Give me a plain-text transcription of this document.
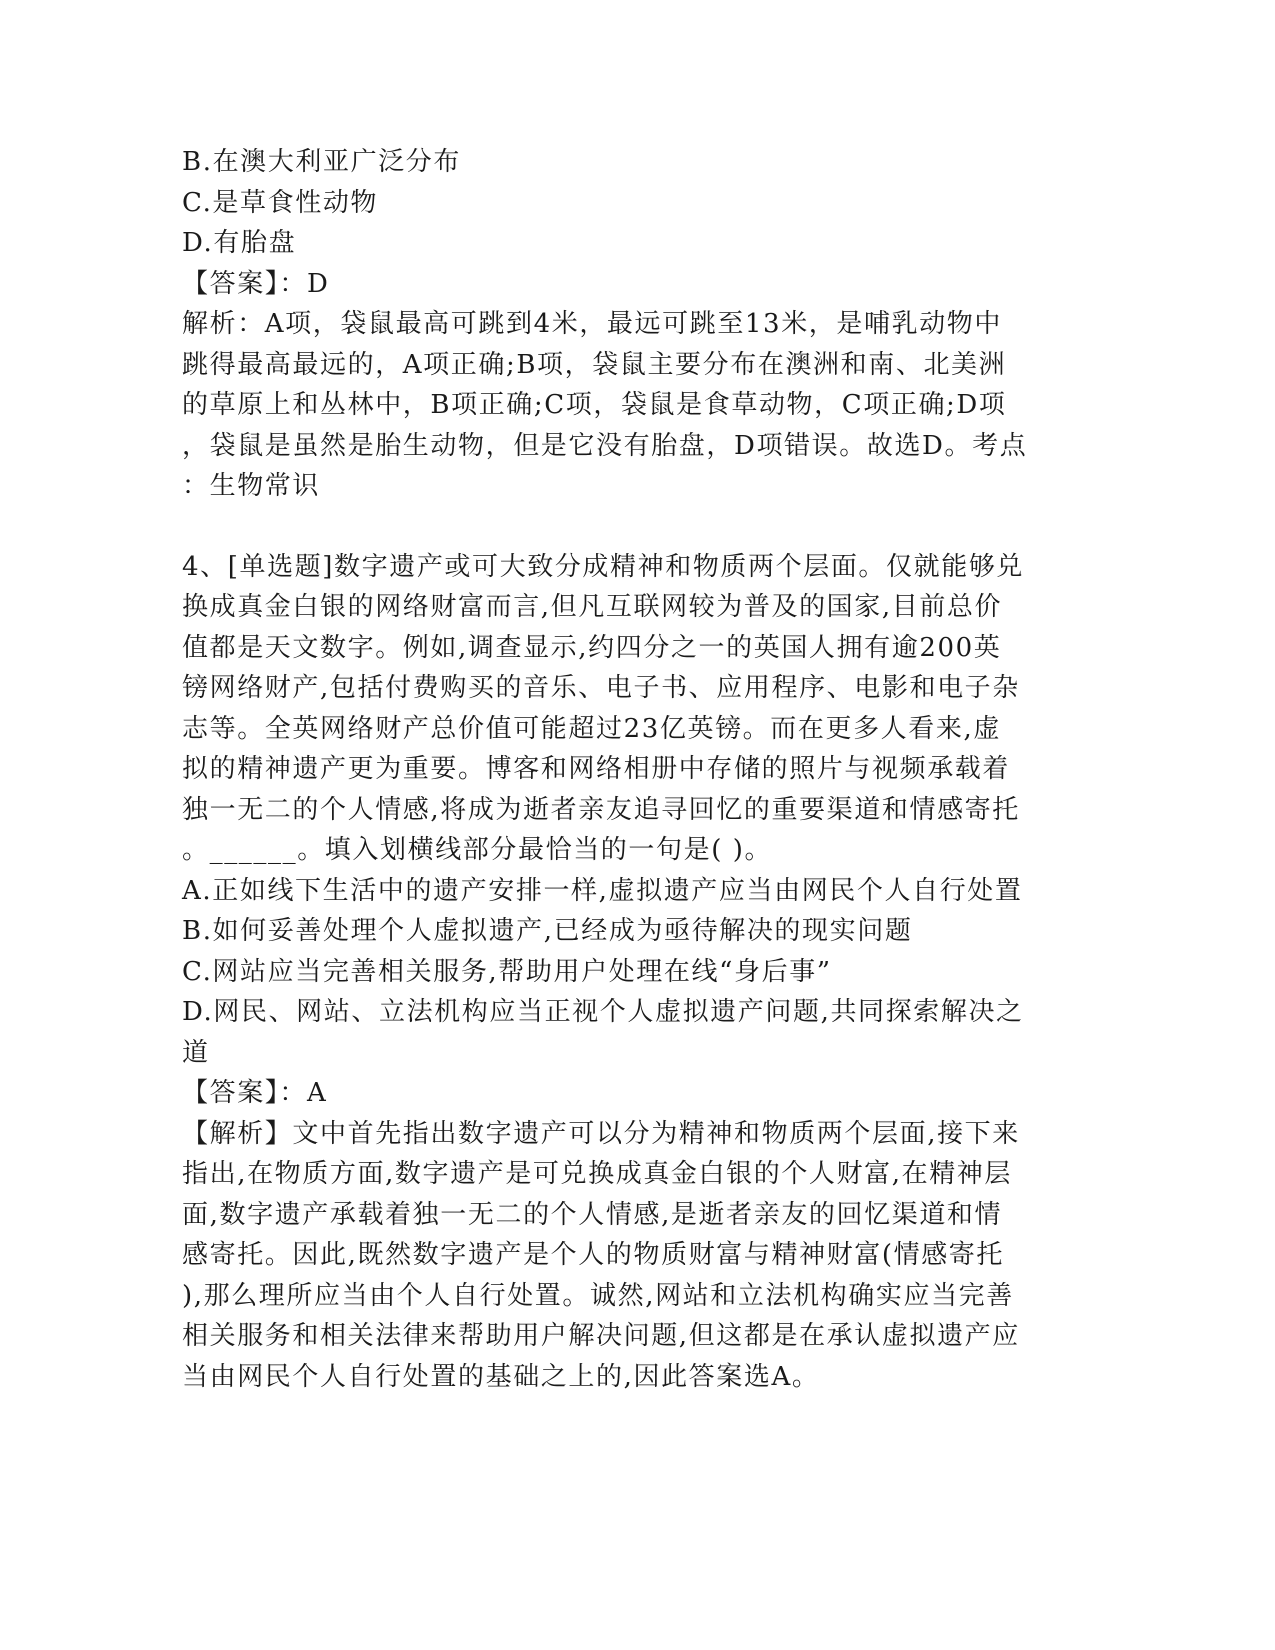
B.在澳大利亚广泛分布
C.是草食性动物
D.有胎盘
【答案】：D
解析：A项，袋鼠最高可跳到4米，最远可跳至13米，是哺乳动物中
跳得最高最远的，A项正确;B项，袋鼠主要分布在澳洲和南、北美洲
的草原上和丛林中，B项正确;C项，袋鼠是食草动物，C项正确;D项
，袋鼠是虽然是胎生动物，但是它没有胎盘，D项错误。故选D。考点
：生物常识
4、[单选题]数字遗产或可大致分成精神和物质两个层面。仅就能够兑
换成真金白银的网络财富而言,但凡互联网较为普及的国家,目前总价
值都是天文数字。例如,调查显示,约四分之一的英国人拥有逾200英
镑网络财产,包括付费购买的音乐、电子书、应用程序、电影和电子杂
志等。全英网络财产总价值可能超过23亿英镑。而在更多人看来,虚
拟的精神遗产更为重要。博客和网络相册中存储的照片与视频承载着
独一无二的个人情感,将成为逝者亲友追寻回忆的重要渠道和情感寄托
。______。填入划横线部分最恰当的一句是( )。
A.正如线下生活中的遗产安排一样,虚拟遗产应当由网民个人自行处置
B.如何妥善处理个人虚拟遗产,已经成为亟待解决的现实问题
C.网站应当完善相关服务,帮助用户处理在线“身后事”
D.网民、网站、立法机构应当正视个人虚拟遗产问题,共同探索解决之
道
【答案】：A
【解析】文中首先指出数字遗产可以分为精神和物质两个层面,接下来
指出,在物质方面,数字遗产是可兑换成真金白银的个人财富,在精神层
面,数字遗产承载着独一无二的个人情感,是逝者亲友的回忆渠道和情
感寄托。因此,既然数字遗产是个人的物质财富与精神财富(情感寄托
),那么理所应当由个人自行处置。诚然,网站和立法机构确实应当完善
相关服务和相关法律来帮助用户解决问题,但这都是在承认虚拟遗产应
当由网民个人自行处置的基础之上的,因此答案选A。
